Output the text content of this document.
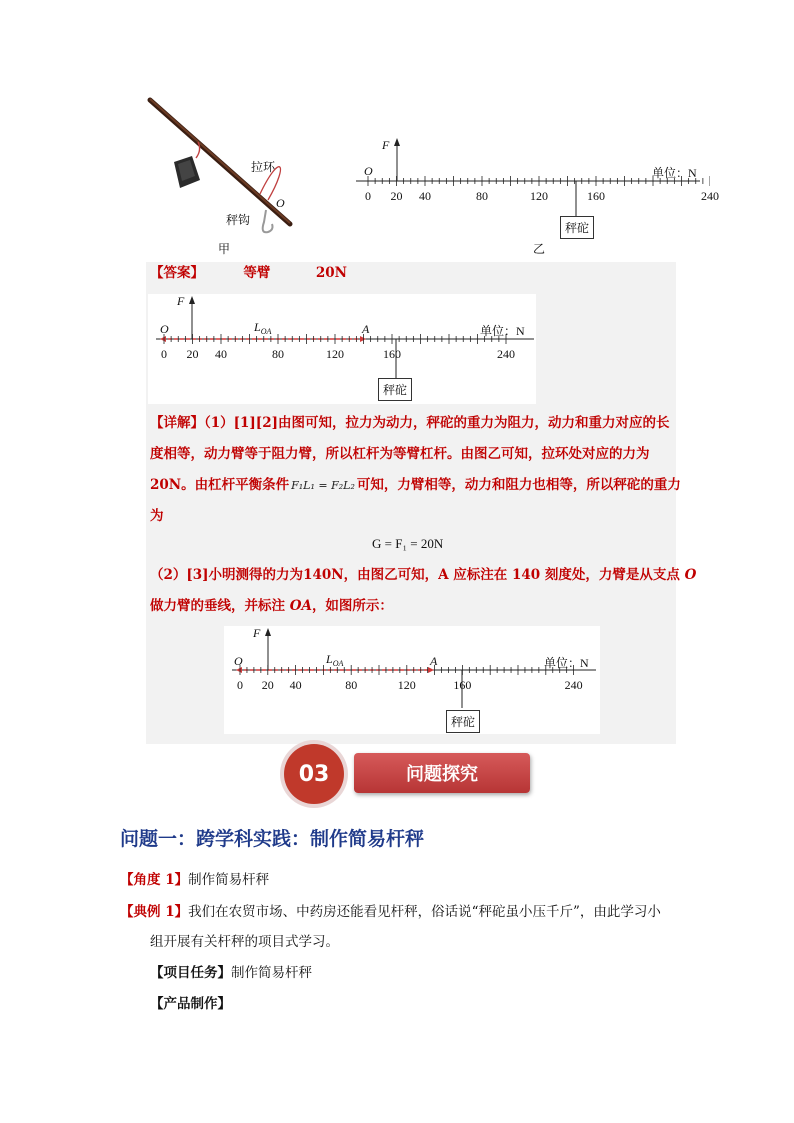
拉环
秤钩
O
甲
F
O	单位：N
0 20 40	80	120	160	240
秤砣
乙
【答案】	等臂	20N
F
O	$L_{OA}$	A	单位：N
0 20 40	80	120	160	240
秤砣
【详解】（1）[1][2]由图可知，拉力为动力，秤砣的重力为阻力，动力和重力对应的长
度相等，动力臂等于阻力臂，所以杠杆为等臂杠杆。由图乙可知，拉环处对应的力为
20N。由杠杆平衡条件 F₁L₁ = F₂L₂ 可知，力臂相等，动力和阻力也相等，所以秤砣的重力
为
G = F₁ = 20N
（2）[3]小明测得的力为140N，由图乙可知，A 应标注在 140 刻度处，力臂是从支点 O
做力臂的垂线，并标注 OA，如图所示：
F
O	$L_{OA}$	A	单位：N
0 20 40	80	120	160	240
秤砣
03	问题探究
问题一：跨学科实践：制作简易杆秤
【角度 1】制作简易杆秤
【典例 1】我们在农贸市场、中药房还能看见杆秤，俗话说“秤砣虽小压千斤”，由此学习小
组开展有关杆秤的项目式学习。
【项目任务】制作简易杆秤
【产品制作】
